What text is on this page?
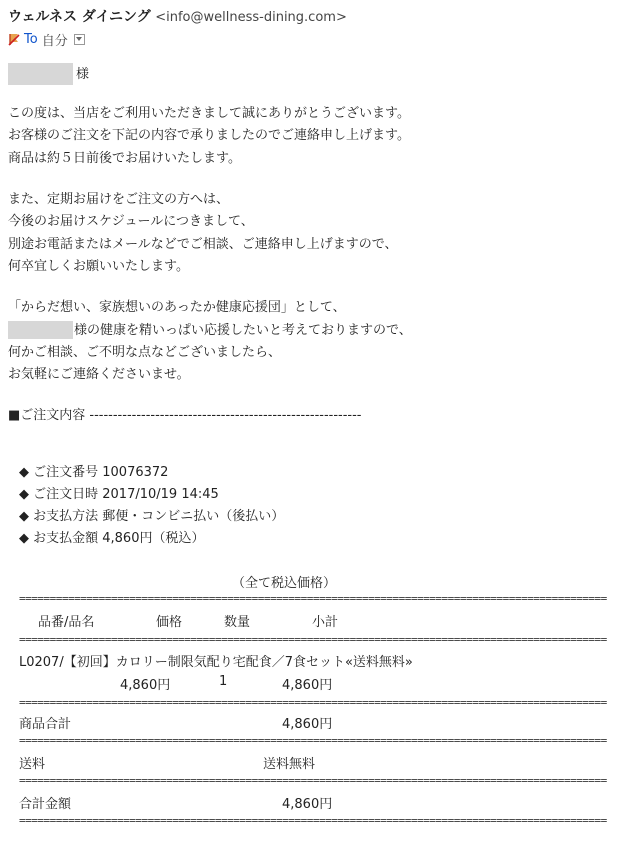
ウェルネス ダイニング <info@wellness-dining.com>
To 自分
様
この度は、当店をご利用いただきまして誠にありがとうございます。
お客様のご注文を下記の内容で承りましたのでご連絡申し上げます。
商品は約５日前後でお届けいたします。
また、定期お届けをご注文の方へは、
今後のお届けスケジュールにつきまして、
別途お電話またはメールなどでご相談、ご連絡申し上げますので、
何卒宜しくお願いいたします。
「からだ想い、家族想いのあったか健康応援団」として、
様の健康を精いっぱい応援したいと考えておりますので、
何かご相談、ご不明な点などございましたら、
お気軽にご連絡くださいませ。
■ご注文内容 ----------------------------------------------------------
◆ ご注文番号 10076372
◆ ご注文日時 2017/10/19 14:45
◆ お支払方法 郵便・コンビニ払い（後払い）
◆ お支払金額 4,860円（税込）
（全て税込価格）
================================================================================================
品番/品名	価格	数量	小計
================================================================================================
L0207/【初回】カロリー制限気配り宅配食／7食セット«送料無料»
4,860円	1	4,860円
================================================================================================
商品合計	4,860円
================================================================================================
送料	送料無料
================================================================================================
合計金額	4,860円
================================================================================================
